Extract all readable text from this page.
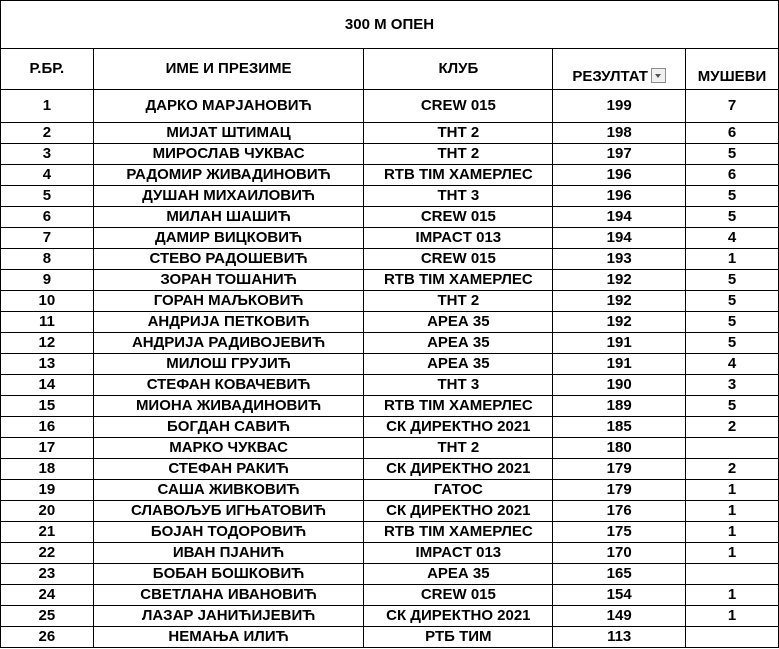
300 М ОПЕН				
Р.БР.	ИМЕ И ПРЕЗИМЕ	КЛУБ	РЕЗУЛТАТ	МУШЕВИ
1	ДАРКО МАРЈАНОВИЋ	CREW 015	199	7
2	МИЈАТ ШТИМАЦ	ТНТ 2	198	6
3	МИРОСЛАВ ЧУКВАС	ТНТ 2	197	5
4	РАДОМИР ЖИВАДИНОВИЋ	RTB TIM ХАМЕРЛЕС	196	6
5	ДУШАН МИХАИЛОВИЋ	ТНТ 3	196	5
6	МИЛАН ШАШИЋ	CREW 015	194	5
7	ДАМИР ВИЦКОВИЋ	IMPACT 013	194	4
8	СТЕВО РАДОШЕВИЋ	CREW 015	193	1
9	ЗОРАН ТОШАНИЋ	RTB TIM ХАМЕРЛЕС	192	5
10	ГОРАН МАЉКОВИЋ	ТНТ 2	192	5
11	АНДРИЈА ПЕТКОВИЋ	АРЕА 35	192	5
12	АНДРИЈА РАДИВОЈЕВИЋ	АРЕА 35	191	5
13	МИЛОШ ГРУЈИЋ	АРЕА 35	191	4
14	СТЕФАН КОВАЧЕВИЋ	ТНТ 3	190	3
15	МИОНА ЖИВАДИНОВИЋ	RTB TIM ХАМЕРЛЕС	189	5
16	БОГДАН САВИЋ	СК ДИРЕКТНО 2021	185	2
17	МАРКО ЧУКВАС	ТНТ 2	180	
18	СТЕФАН РАКИЋ	СК ДИРЕКТНО 2021	179	2
19	САША ЖИВКОВИЋ	ГАТОС	179	1
20	СЛАВОЉУБ ИГЊАТОВИЋ	СК ДИРЕКТНО 2021	176	1
21	БОЈАН ТОДОРОВИЋ	RTB TIM ХАМЕРЛЕС	175	1
22	ИВАН ПЈАНИЋ	IMPACT 013	170	1
23	БОБАН БОШКОВИЋ	АРЕА 35	165	
24	СВЕТЛАНА ИВАНОВИЋ	CREW 015	154	1
25	ЛАЗАР ЈАНИЋИЈЕВИЋ	СК ДИРЕКТНО 2021	149	1
26	НЕМАЊА ИЛИЋ	РТБ ТИМ	113	
